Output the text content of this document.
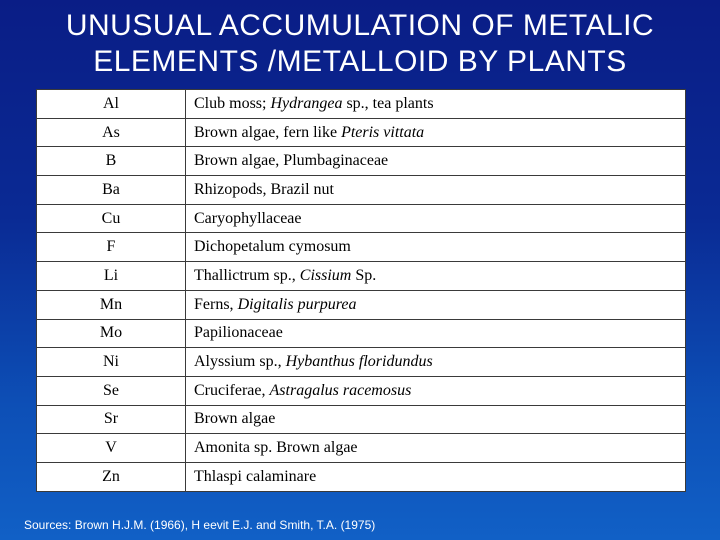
UNUSUAL ACCUMULATION OF METALIC
ELEMENTS /METALLOID BY PLANTS
Al	Club moss; Hydrangea sp., tea plants
As	Brown algae, fern like Pteris vittata
B	Brown algae, Plumbaginaceae
Ba	Rhizopods, Brazil nut
Cu	Caryophyllaceae
F	Dichopetalum cymosum
Li	Thallictrum sp., Cissium Sp.
Mn	Ferns, Digitalis purpurea
Mo	Papilionaceae
Ni	Alyssium sp., Hybanthus floridundus
Se	Cruciferae, Astragalus racemosus
Sr	Brown algae
V	Amonita sp. Brown algae
Zn	Thlaspi calaminare
Sources: Brown H.J.M. (1966), H eevit E.J. and Smith, T.A. (1975)
